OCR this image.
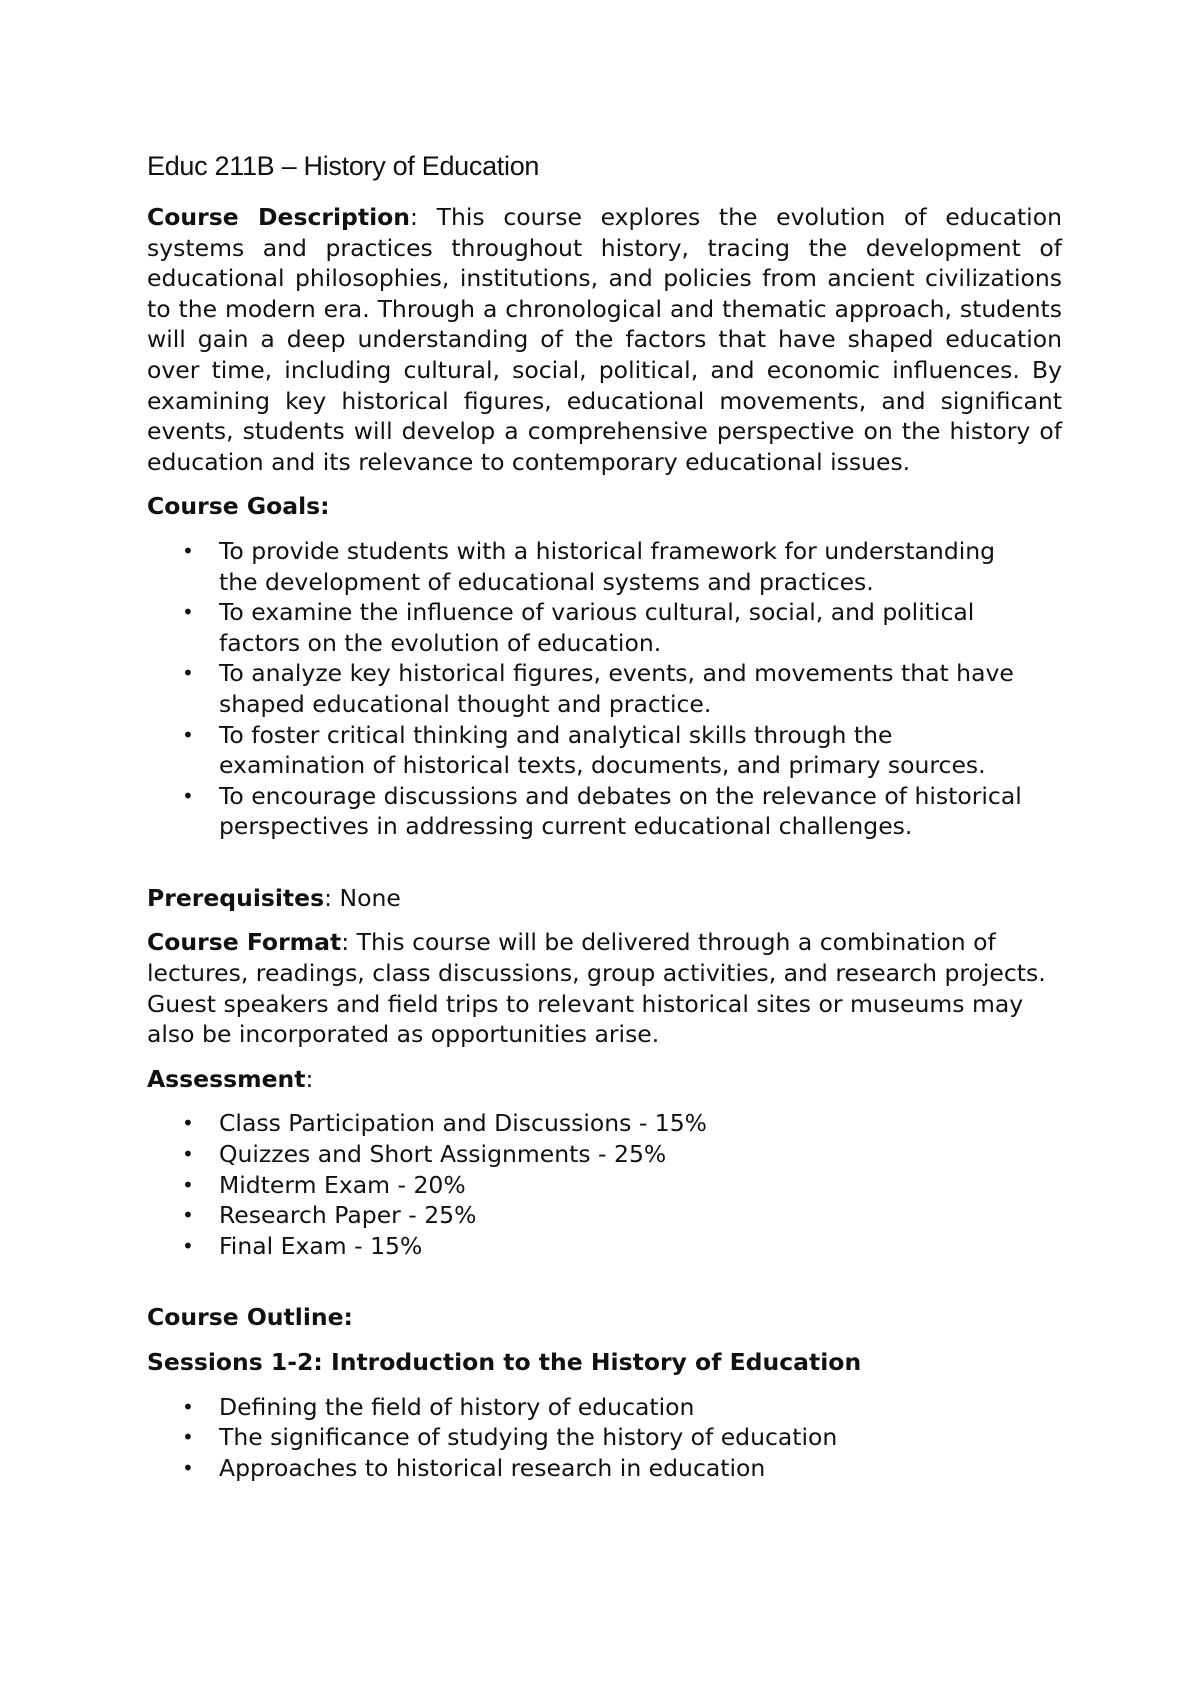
Educ 211B – History of Education

Course Description: This course explores the evolution of education systems and practices throughout history, tracing the development of educational philosophies, institutions, and policies from ancient civilizations to the modern era. Through a chronological and thematic approach, students will gain a deep understanding of the factors that have shaped education over time, including cultural, social, political, and economic influences. By examining key historical figures, educational movements, and significant events, students will develop a comprehensive perspective on the history of education and its relevance to contemporary educational issues.

Course Goals:

• To provide students with a historical framework for understanding the development of educational systems and practices.
• To examine the influence of various cultural, social, and political factors on the evolution of education.
• To analyze key historical figures, events, and movements that have shaped educational thought and practice.
• To foster critical thinking and analytical skills through the examination of historical texts, documents, and primary sources.
• To encourage discussions and debates on the relevance of historical perspectives in addressing current educational challenges.

Prerequisites: None

Course Format: This course will be delivered through a combination of lectures, readings, class discussions, group activities, and research projects. Guest speakers and field trips to relevant historical sites or museums may also be incorporated as opportunities arise.

Assessment:

• Class Participation and Discussions - 15%
• Quizzes and Short Assignments - 25%
• Midterm Exam - 20%
• Research Paper - 25%
• Final Exam - 15%

Course Outline:

Sessions 1-2: Introduction to the History of Education

• Defining the field of history of education
• The significance of studying the history of education
• Approaches to historical research in education
